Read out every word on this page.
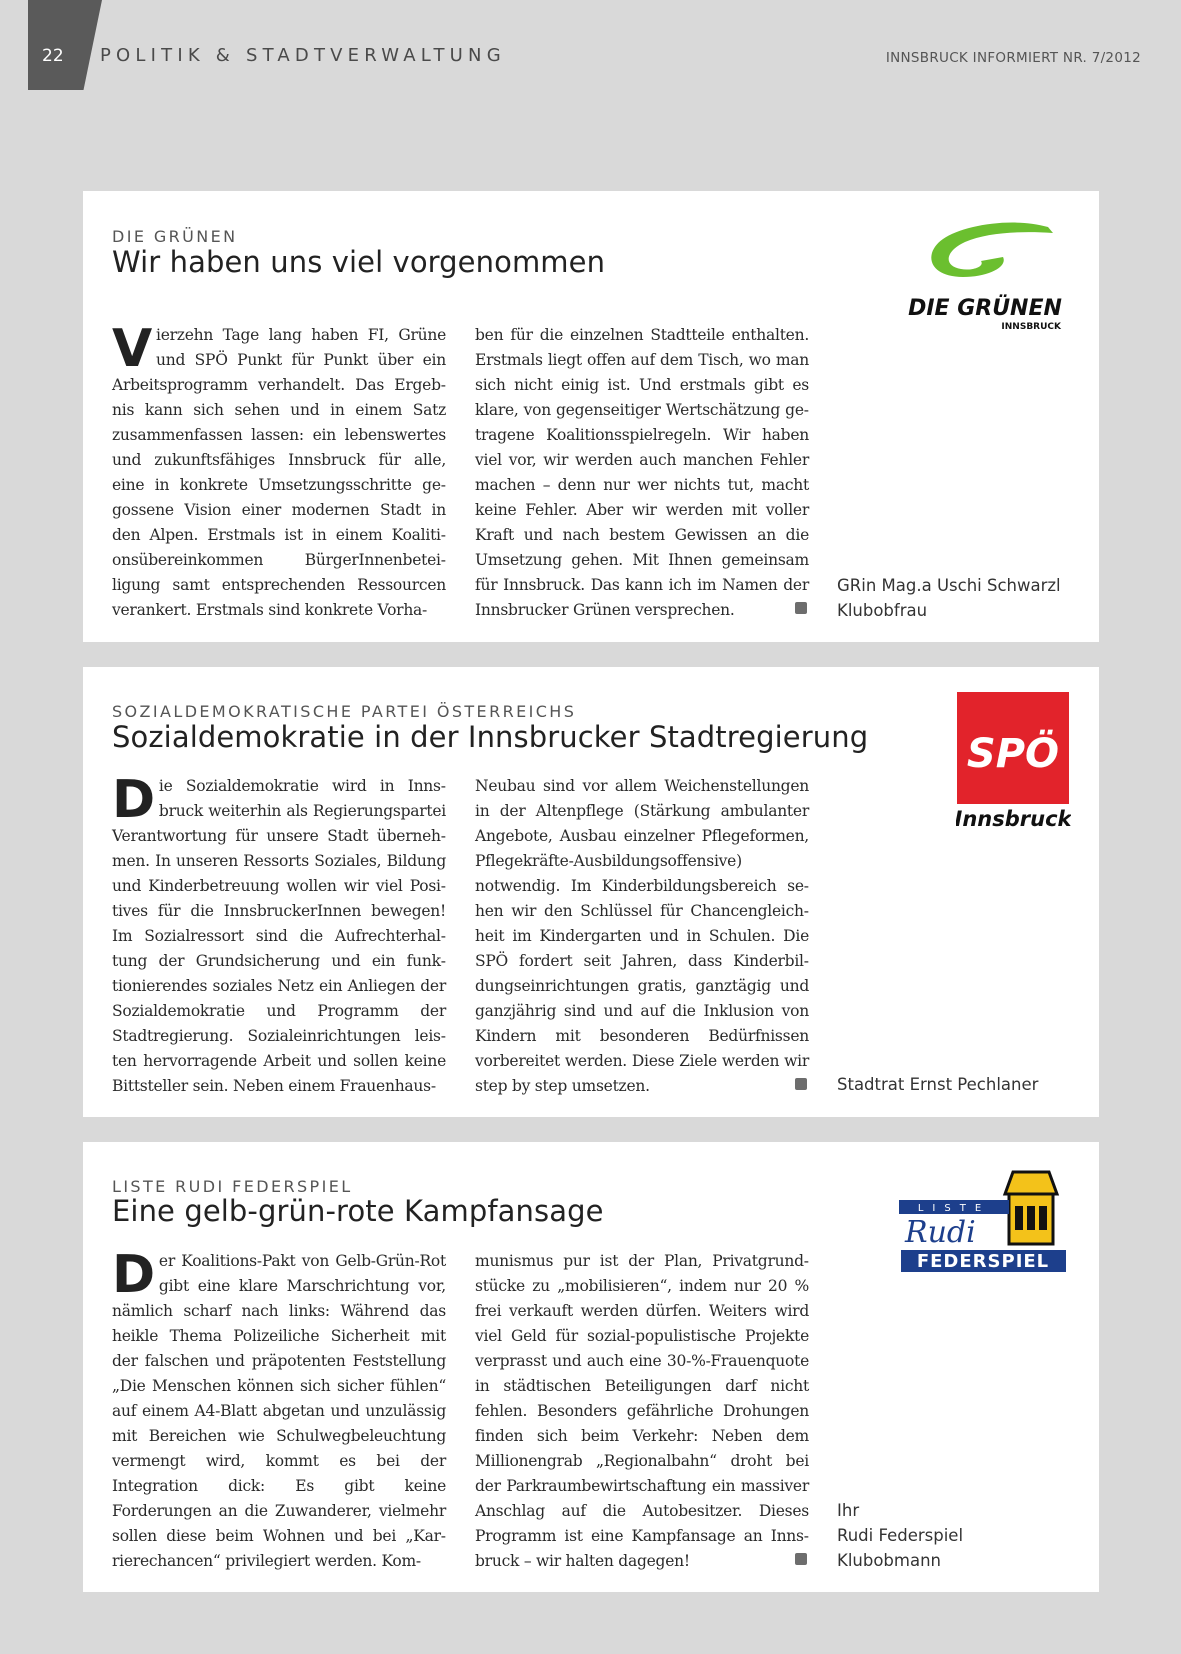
22 POLITIK & STADTVERWALTUNG	INNSBRUCK INFORMIERT NR. 7/2012
DIE GRÜNEN
Wir haben uns viel vorgenommen

Vierzehn Tage lang haben FI, Grüne und SPÖ Punkt für Punkt über ein Arbeitsprogramm verhandelt. Das Ergebnis kann sich sehen und in einem Satz zusammenfassen lassen: ein lebenswertes und zukunftsfähiges Innsbruck für alle, eine in konkrete Umsetzungsschritte gegossene Vision einer modernen Stadt in den Alpen. Erstmals ist in einem Koalitionsübereinkommen BürgerInnenbeteiligung samt entsprechenden Ressourcen verankert. Erstmals sind konkrete Vorha-

ben für die einzelnen Stadtteile enthalten. Erstmals liegt offen auf dem Tisch, wo man sich nicht einig ist. Und erstmals gibt es klare, von gegenseitiger Wertschätzung getragene Koalitionsspielregeln. Wir haben viel vor, wir werden auch manchen Fehler machen – denn nur wer nichts tut, macht keine Fehler. Aber wir werden mit voller Kraft und nach bestem Gewissen an die Umsetzung gehen. Mit Ihnen gemeinsam für Innsbruck. Das kann ich im Namen der Innsbrucker Grünen versprechen.

GRin Mag.a Uschi Schwarzl
Klubobfrau
DIE GRÜNEN
INNSBRUCK
SOZIALDEMOKRATISCHE PARTEI ÖSTERREICHS
Sozialdemokratie in der Innsbrucker Stadtregierung

Die Sozialdemokratie wird in Innsbruck weiterhin als Regierungspartei Verantwortung für unsere Stadt übernehmen. In unseren Ressorts Soziales, Bildung und Kinderbetreuung wollen wir viel Positives für die InnsbruckerInnen bewegen! Im Sozialressort sind die Aufrechterhaltung der Grundsicherung und ein funktionierendes soziales Netz ein Anliegen der Sozialdemokratie und Programm der Stadtregierung. Sozialeinrichtungen leisten hervorragende Arbeit und sollen keine Bittsteller sein. Neben einem Frauenhaus-

Neubau sind vor allem Weichenstellungen in der Altenpflege (Stärkung ambulanter Angebote, Ausbau einzelner Pflegeformen, Pflegekräfte-Ausbildungsoffensive) notwendig. Im Kinderbildungsbereich sehen wir den Schlüssel für Chancengleichheit im Kindergarten und in Schulen. Die SPÖ fordert seit Jahren, dass Kinderbildungseinrichtungen gratis, ganztägig und ganzjährig sind und auf die Inklusion von Kindern mit besonderen Bedürfnissen vorbereitet werden. Diese Ziele werden wir step by step umsetzen.	Stadtrat Ernst Pechlaner
SPÖ
Innsbruck
LISTE RUDI FEDERSPIEL
Eine gelb-grün-rote Kampfansage

Der Koalitions-Pakt von Gelb-Grün-Rot gibt eine klare Marschrichtung vor, nämlich scharf nach links: Während das heikle Thema Polizeiliche Sicherheit mit der falschen und präpotenten Feststellung „Die Menschen können sich sicher fühlen“ auf einem A4-Blatt abgetan und unzulässig mit Bereichen wie Schulwegbeleuchtung vermengt wird, kommt es bei der Integration dick: Es gibt keine Forderungen an die Zuwanderer, vielmehr sollen diese beim Wohnen und bei „Karrierechancen“ privilegiert werden. Kom-

munismus pur ist der Plan, Privatgrundstücke zu „mobilisieren“, indem nur 20 % frei verkauft werden dürfen. Weiters wird viel Geld für sozial-populistische Projekte verprasst und auch eine 30-%-Frauenquote in städtischen Beteiligungen darf nicht fehlen. Besonders gefährliche Drohungen finden sich beim Verkehr: Neben dem Millionengrab „Regionalbahn“ droht bei der Parkraumbewirtschaftung ein massiver Anschlag auf die Autobesitzer. Dieses Programm ist eine Kampfansage an Innsbruck – wir halten dagegen!

Ihr
Rudi Federspiel
Klubobmann
LISTE
Rudi
FEDERSPIEL
